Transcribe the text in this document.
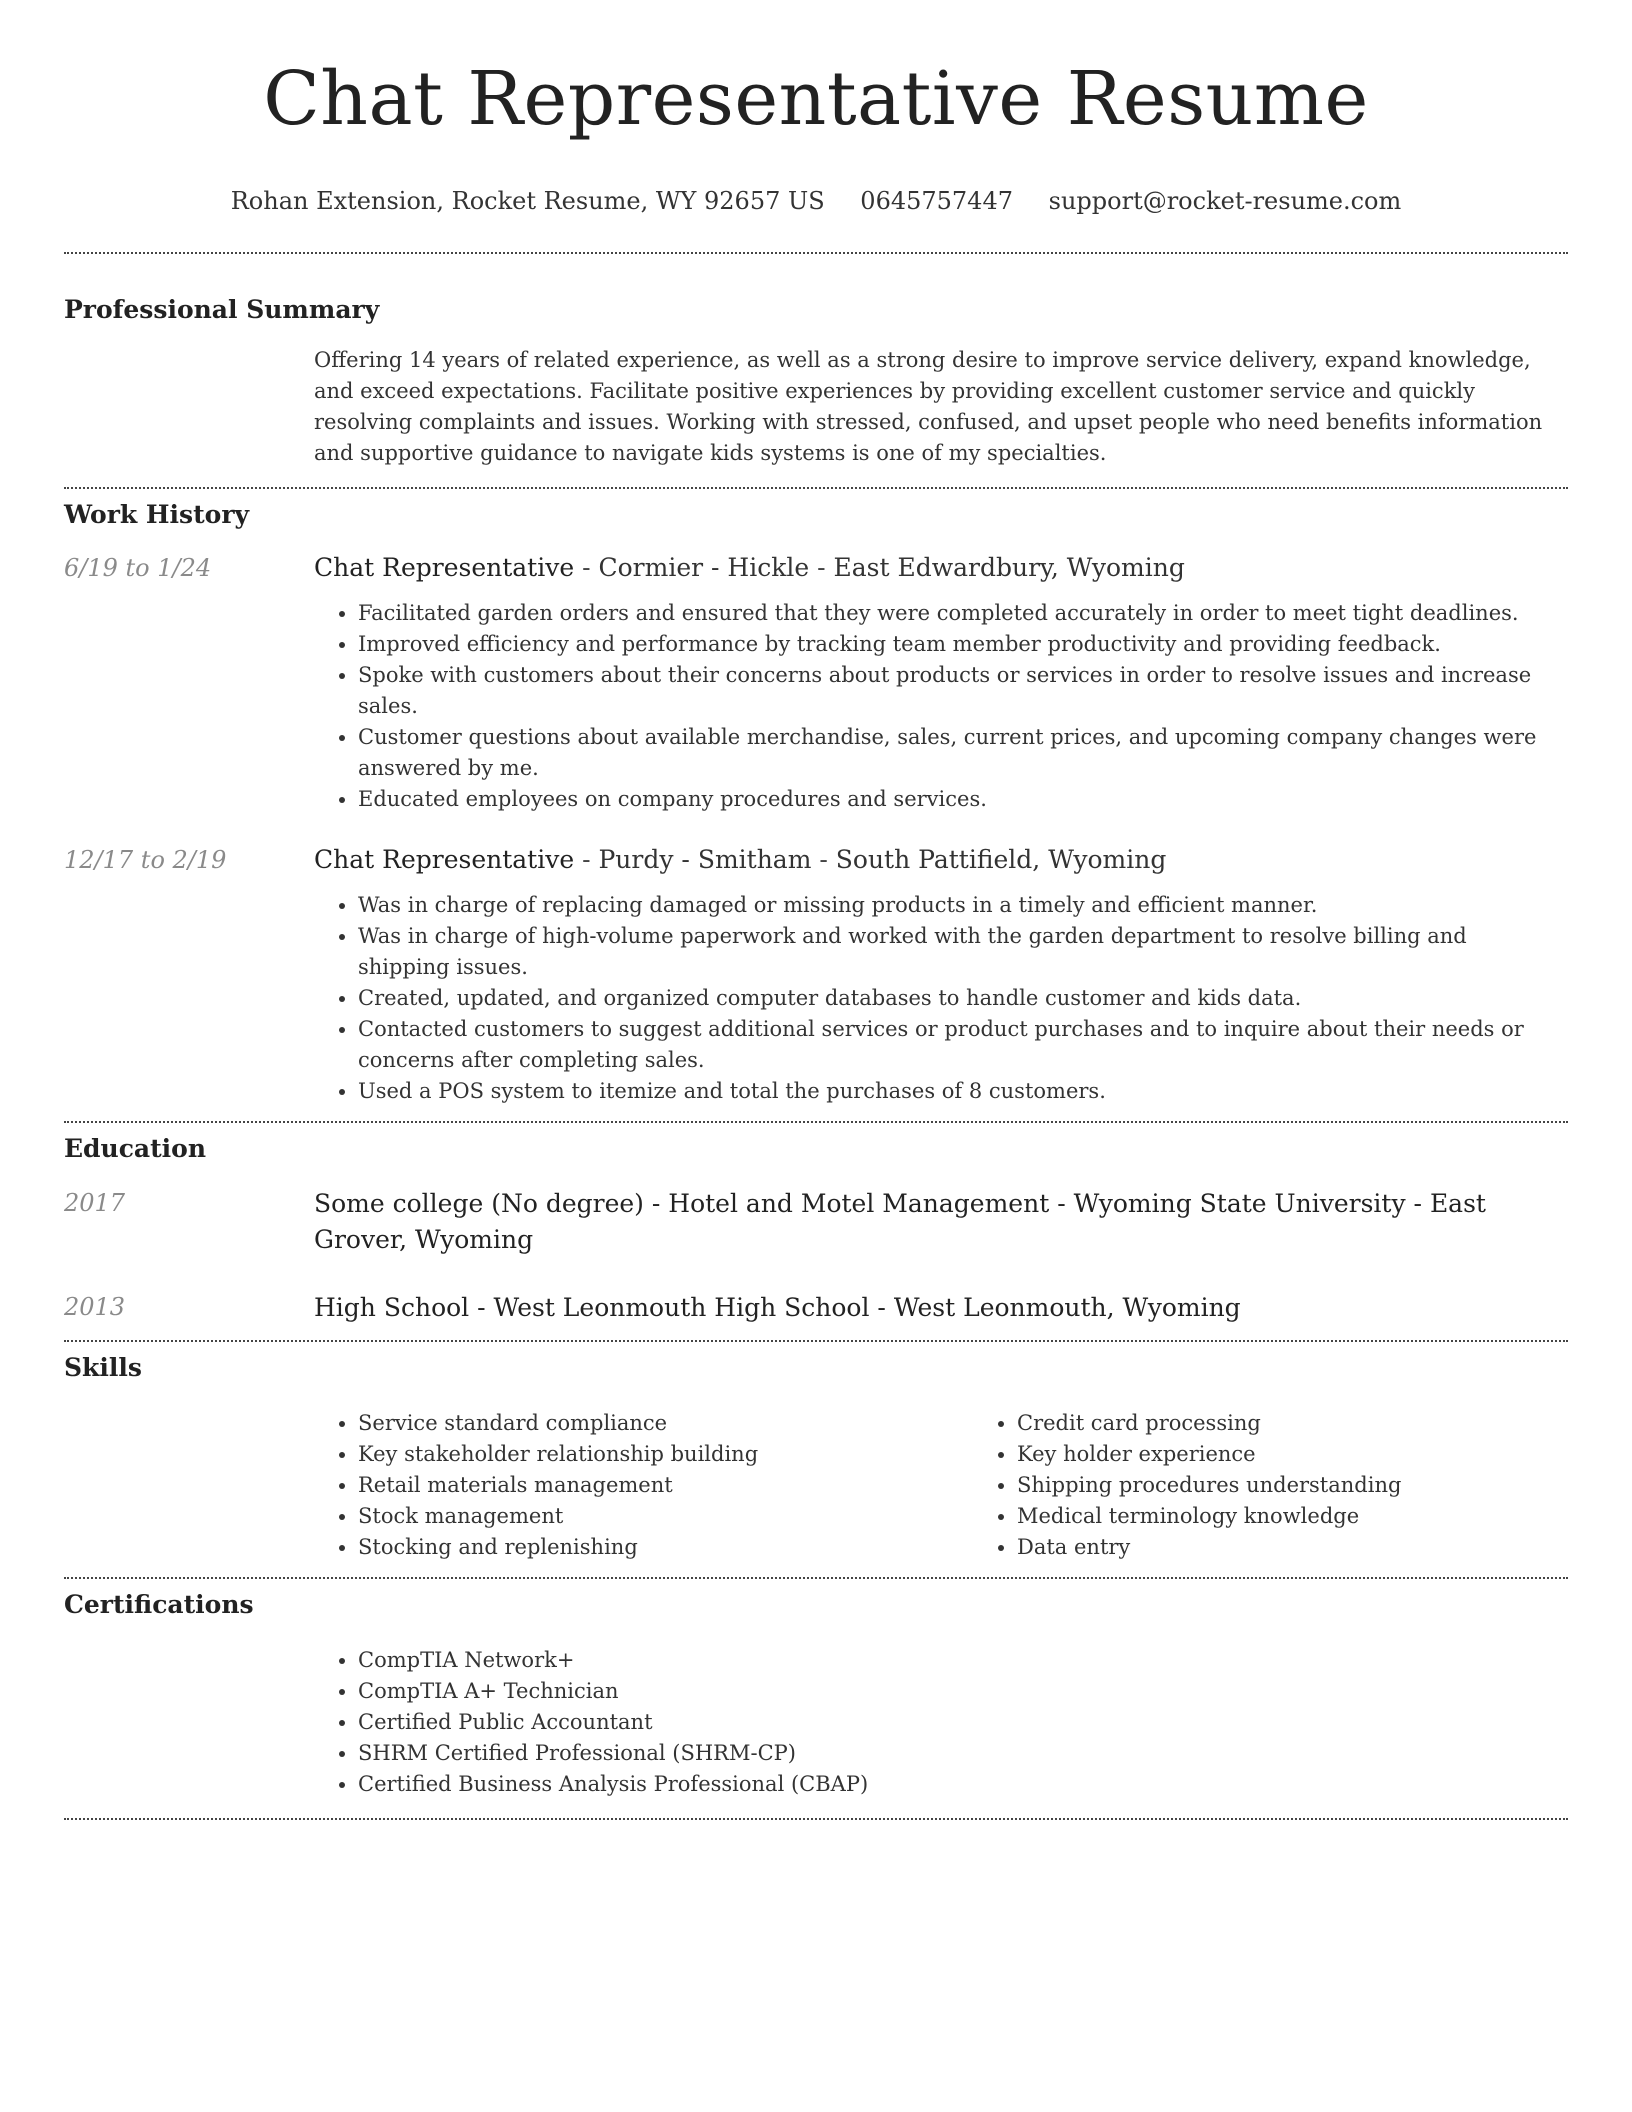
Chat Representative Resume
Rohan Extension, Rocket Resume, WY 92657 US 0645757447 support@rocket-resume.com
Professional Summary

Offering 14 years of related experience, as well as a strong desire to improve service delivery, expand knowledge, and exceed expectations. Facilitate positive experiences by providing excellent customer service and quickly resolving complaints and issues. Working with stressed, confused, and upset people who need benefits information and supportive guidance to navigate kids systems is one of my specialties.

Work History
6/19 to 1/24	Chat Representative - Cormier - Hickle - East Edwardbury, Wyoming
• Facilitated garden orders and ensured that they were completed accurately in order to meet tight deadlines.
• Improved efficiency and performance by tracking team member productivity and providing feedback.
• Spoke with customers about their concerns about products or services in order to resolve issues and increase sales.
• Customer questions about available merchandise, sales, current prices, and upcoming company changes were answered by me.
• Educated employees on company procedures and services.
12/17 to 2/19	Chat Representative - Purdy - Smitham - South Pattifield, Wyoming
• Was in charge of replacing damaged or missing products in a timely and efficient manner.
• Was in charge of high-volume paperwork and worked with the garden department to resolve billing and shipping issues.
• Created, updated, and organized computer databases to handle customer and kids data.
• Contacted customers to suggest additional services or product purchases and to inquire about their needs or concerns after completing sales.
• Used a POS system to itemize and total the purchases of 8 customers.
Education
2017	Some college (No degree) - Hotel and Motel Management - Wyoming State University - East Grover, Wyoming
2013	High School - West Leonmouth High School - West Leonmouth, Wyoming
Skills
• Service standard compliance
• Key stakeholder relationship building
• Retail materials management
• Stock management
• Stocking and replenishing
• Credit card processing
• Key holder experience
• Shipping procedures understanding
• Medical terminology knowledge
• Data entry
Certifications
• CompTIA Network+
• CompTIA A+ Technician
• Certified Public Accountant
• SHRM Certified Professional (SHRM-CP)
• Certified Business Analysis Professional (CBAP)
